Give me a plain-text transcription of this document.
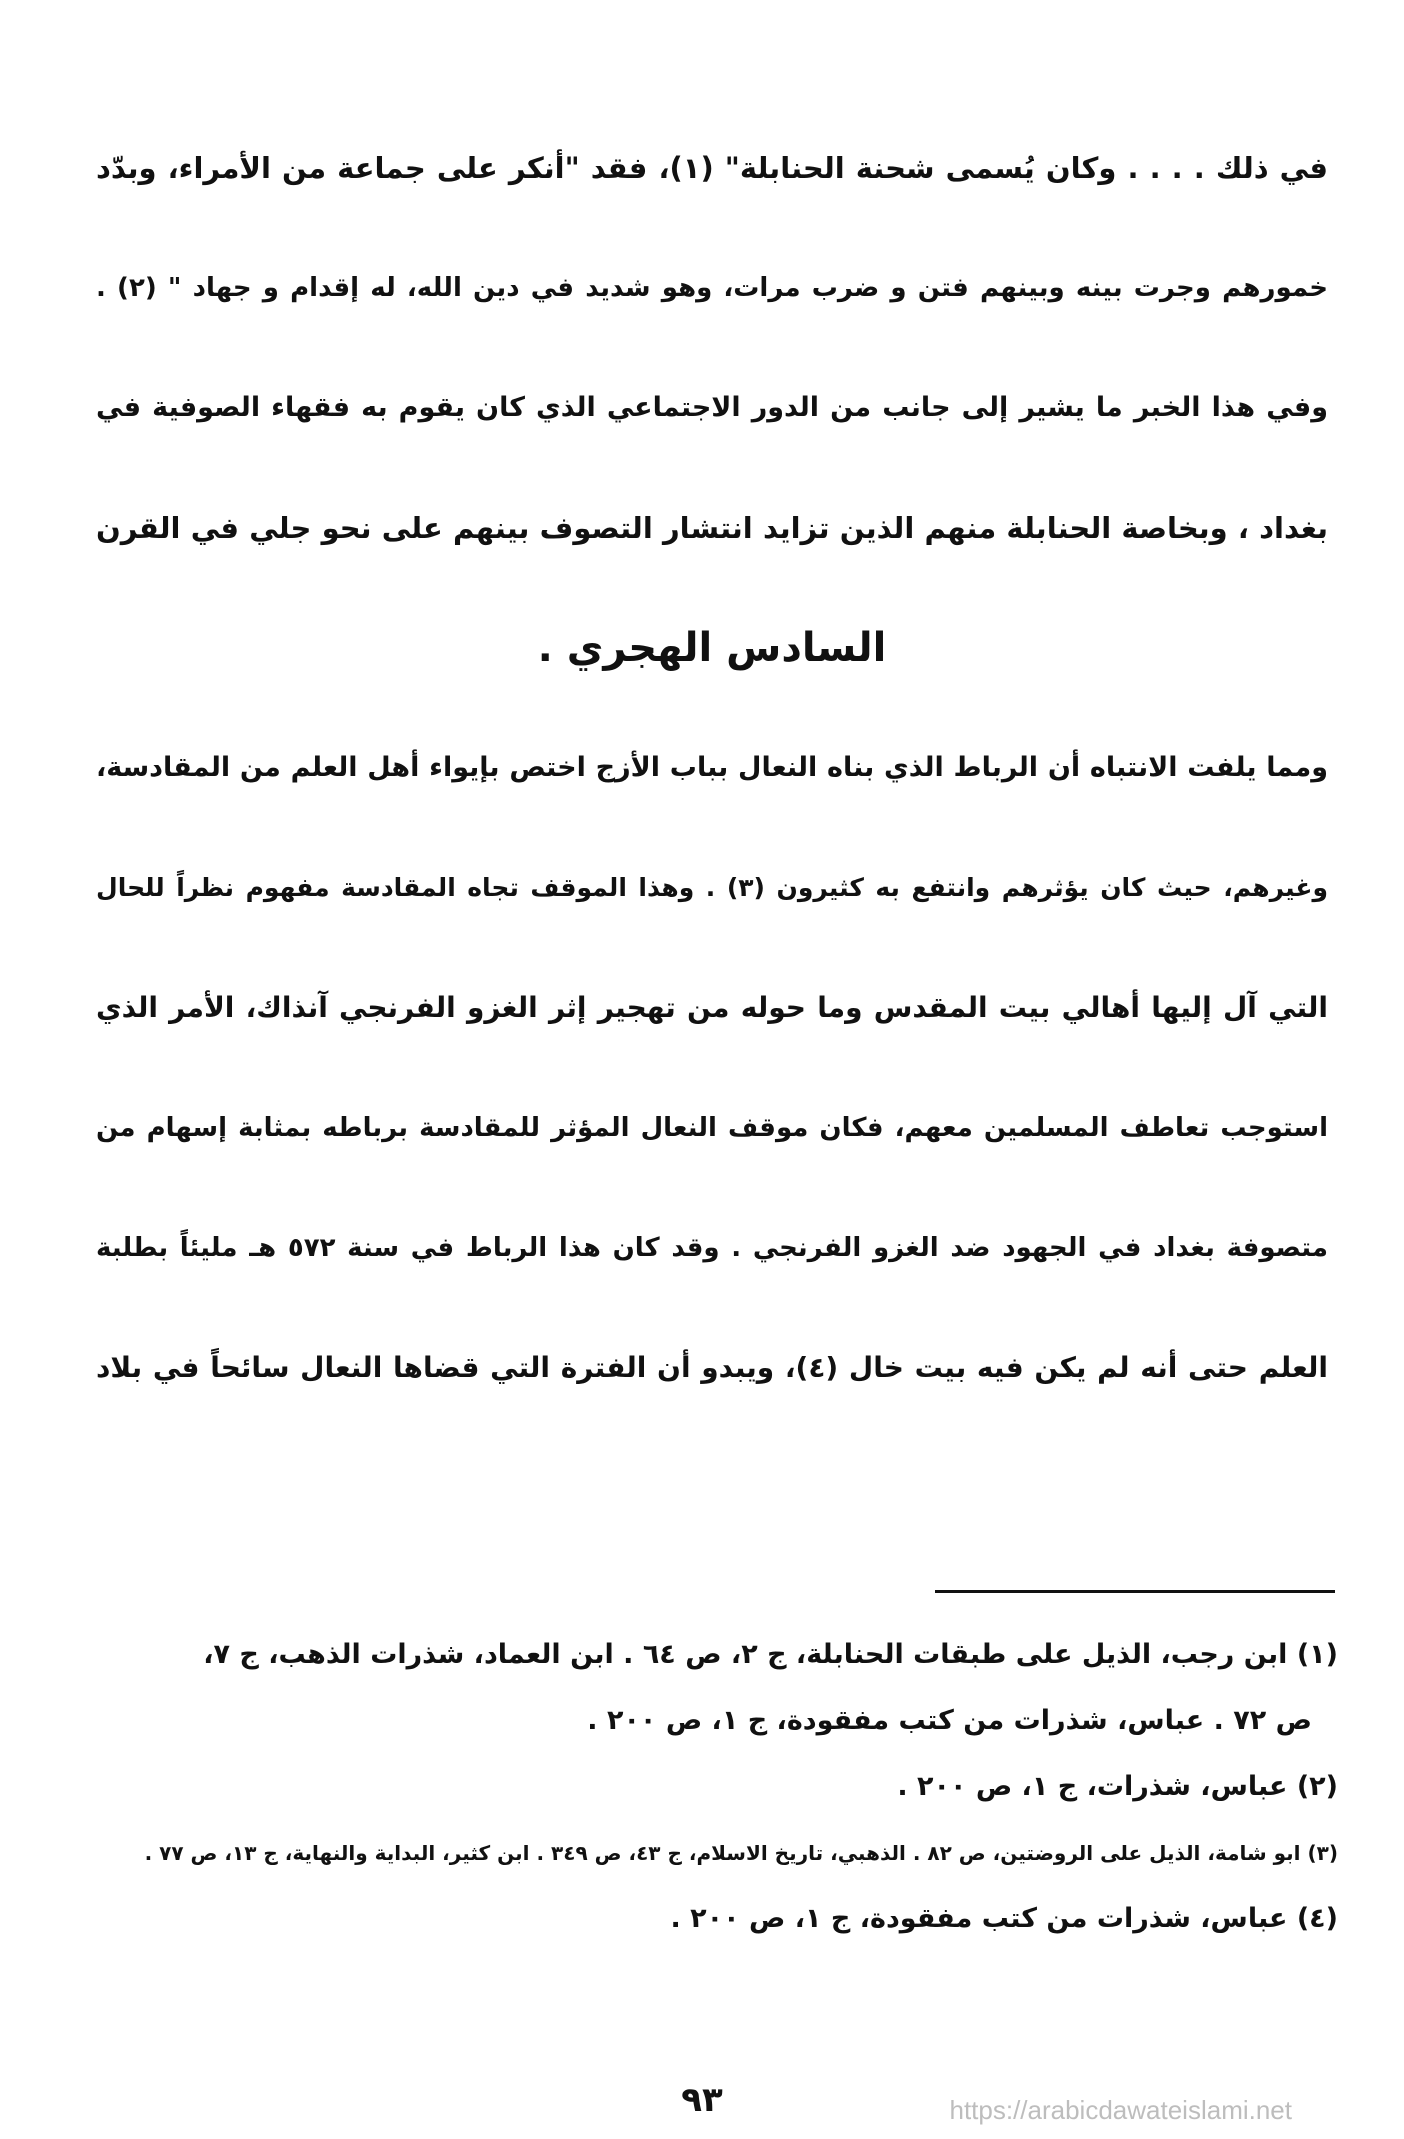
في ذلك . . . . وكان يُسمى شحنة الحنابلة" (١)، فقد "أنكر على جماعة من الأمراء، وبدّد
خمورهم وجرت بينه وبينهم فتن و ضرب مرات، وهو شديد في دين الله، له إقدام و جهاد " (٢) .
وفي هذا الخبر ما يشير إلى جانب من الدور الاجتماعي الذي كان يقوم به فقهاء الصوفية في
بغداد ، وبخاصة الحنابلة منهم الذين تزايد انتشار التصوف بينهم على نحو جلي في القرن
السادس الهجري .
ومما يلفت الانتباه أن الرباط الذي بناه النعال بباب الأزج اختص بإيواء أهل العلم من المقادسة،
وغيرهم، حيث كان يؤثرهم وانتفع به كثيرون (٣) . وهذا الموقف تجاه المقادسة مفهوم نظراً للحال
التي آل إليها أهالي بيت المقدس وما حوله من تهجير إثر الغزو الفرنجي آنذاك، الأمر الذي
استوجب تعاطف المسلمين معهم، فكان موقف النعال المؤثر للمقادسة برباطه بمثابة إسهام من
متصوفة بغداد في الجهود ضد الغزو الفرنجي . وقد كان هذا الرباط في سنة ٥٧٢ هـ مليئاً بطلبة
العلم حتى أنه لم يكن فيه بيت خال (٤)، ويبدو أن الفترة التي قضاها النعال سائحاً في بلاد
(١) ابن رجب، الذيل على طبقات الحنابلة، ج ٢، ص ٦٤ . ابن العماد، شذرات الذهب، ج ٧،
ص ٧٢ . عباس، شذرات من كتب مفقودة، ج ١، ص ٢٠٠ .
(٢) عباس، شذرات، ج ١، ص ٢٠٠ .
(٣) ابو شامة، الذيل على الروضتين، ص ٨٢ . الذهبي، تاريخ الاسلام، ج ٤٣، ص ٣٤٩ . ابن كثير، البداية والنهاية، ج ١٣، ص ٧٧ .
(٤) عباس، شذرات من كتب مفقودة، ج ١، ص ٢٠٠ .
٩٣	https://arabicdawateislami.net
